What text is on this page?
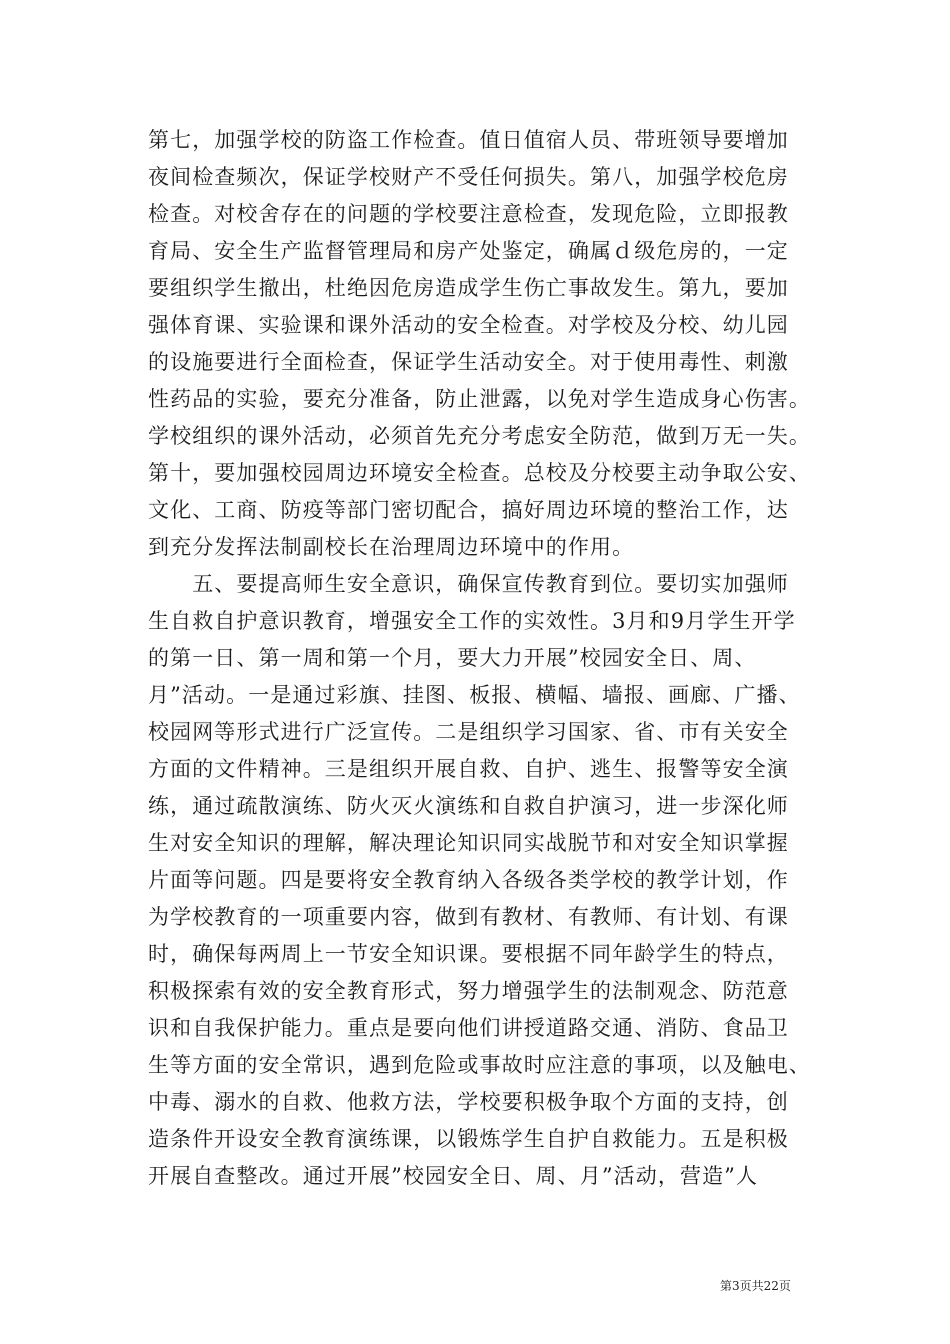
第七，加强学校的防盗工作检查。值日值宿人员、带班领导要增加
夜间检查频次，保证学校财产不受任何损失。第八，加强学校危房
检查。对校舍存在的问题的学校要注意检查，发现危险，立即报教
育局、安全生产监督管理局和房产处鉴定，确属ｄ级危房的，一定
要组织学生撤出，杜绝因危房造成学生伤亡事故发生。第九，要加
强体育课、实验课和课外活动的安全检查。对学校及分校、幼儿园
的设施要进行全面检查，保证学生活动安全。对于使用毒性、刺激
性药品的实验，要充分准备，防止泄露，以免对学生造成身心伤害。
学校组织的课外活动，必须首先充分考虑安全防范，做到万无一失。
第十，要加强校园周边环境安全检查。总校及分校要主动争取公安、
文化、工商、防疫等部门密切配合，搞好周边环境的整治工作，达
到充分发挥法制副校长在治理周边环境中的作用。
　　五、要提高师生安全意识，确保宣传教育到位。要切实加强师
生自救自护意识教育，增强安全工作的实效性。3月和9月学生开学
的第一日、第一周和第一个月，要大力开展”校园安全日、周、
月”活动。一是通过彩旗、挂图、板报、横幅、墙报、画廊、广播、
校园网等形式进行广泛宣传。二是组织学习国家、省、市有关安全
方面的文件精神。三是组织开展自救、自护、逃生、报警等安全演
练，通过疏散演练、防火灭火演练和自救自护演习，进一步深化师
生对安全知识的理解，解决理论知识同实战脱节和对安全知识掌握
片面等问题。四是要将安全教育纳入各级各类学校的教学计划，作
为学校教育的一项重要内容，做到有教材、有教师、有计划、有课
时，确保每两周上一节安全知识课。要根据不同年龄学生的特点，
积极探索有效的安全教育形式，努力增强学生的法制观念、防范意
识和自我保护能力。重点是要向他们讲授道路交通、消防、食品卫
生等方面的安全常识，遇到危险或事故时应注意的事项，以及触电、
中毒、溺水的自救、他救方法，学校要积极争取个方面的支持，创
造条件开设安全教育演练课，以锻炼学生自护自救能力。五是积极
开展自查整改。通过开展”校园安全日、周、月”活动，营造”人
第3页共22页
